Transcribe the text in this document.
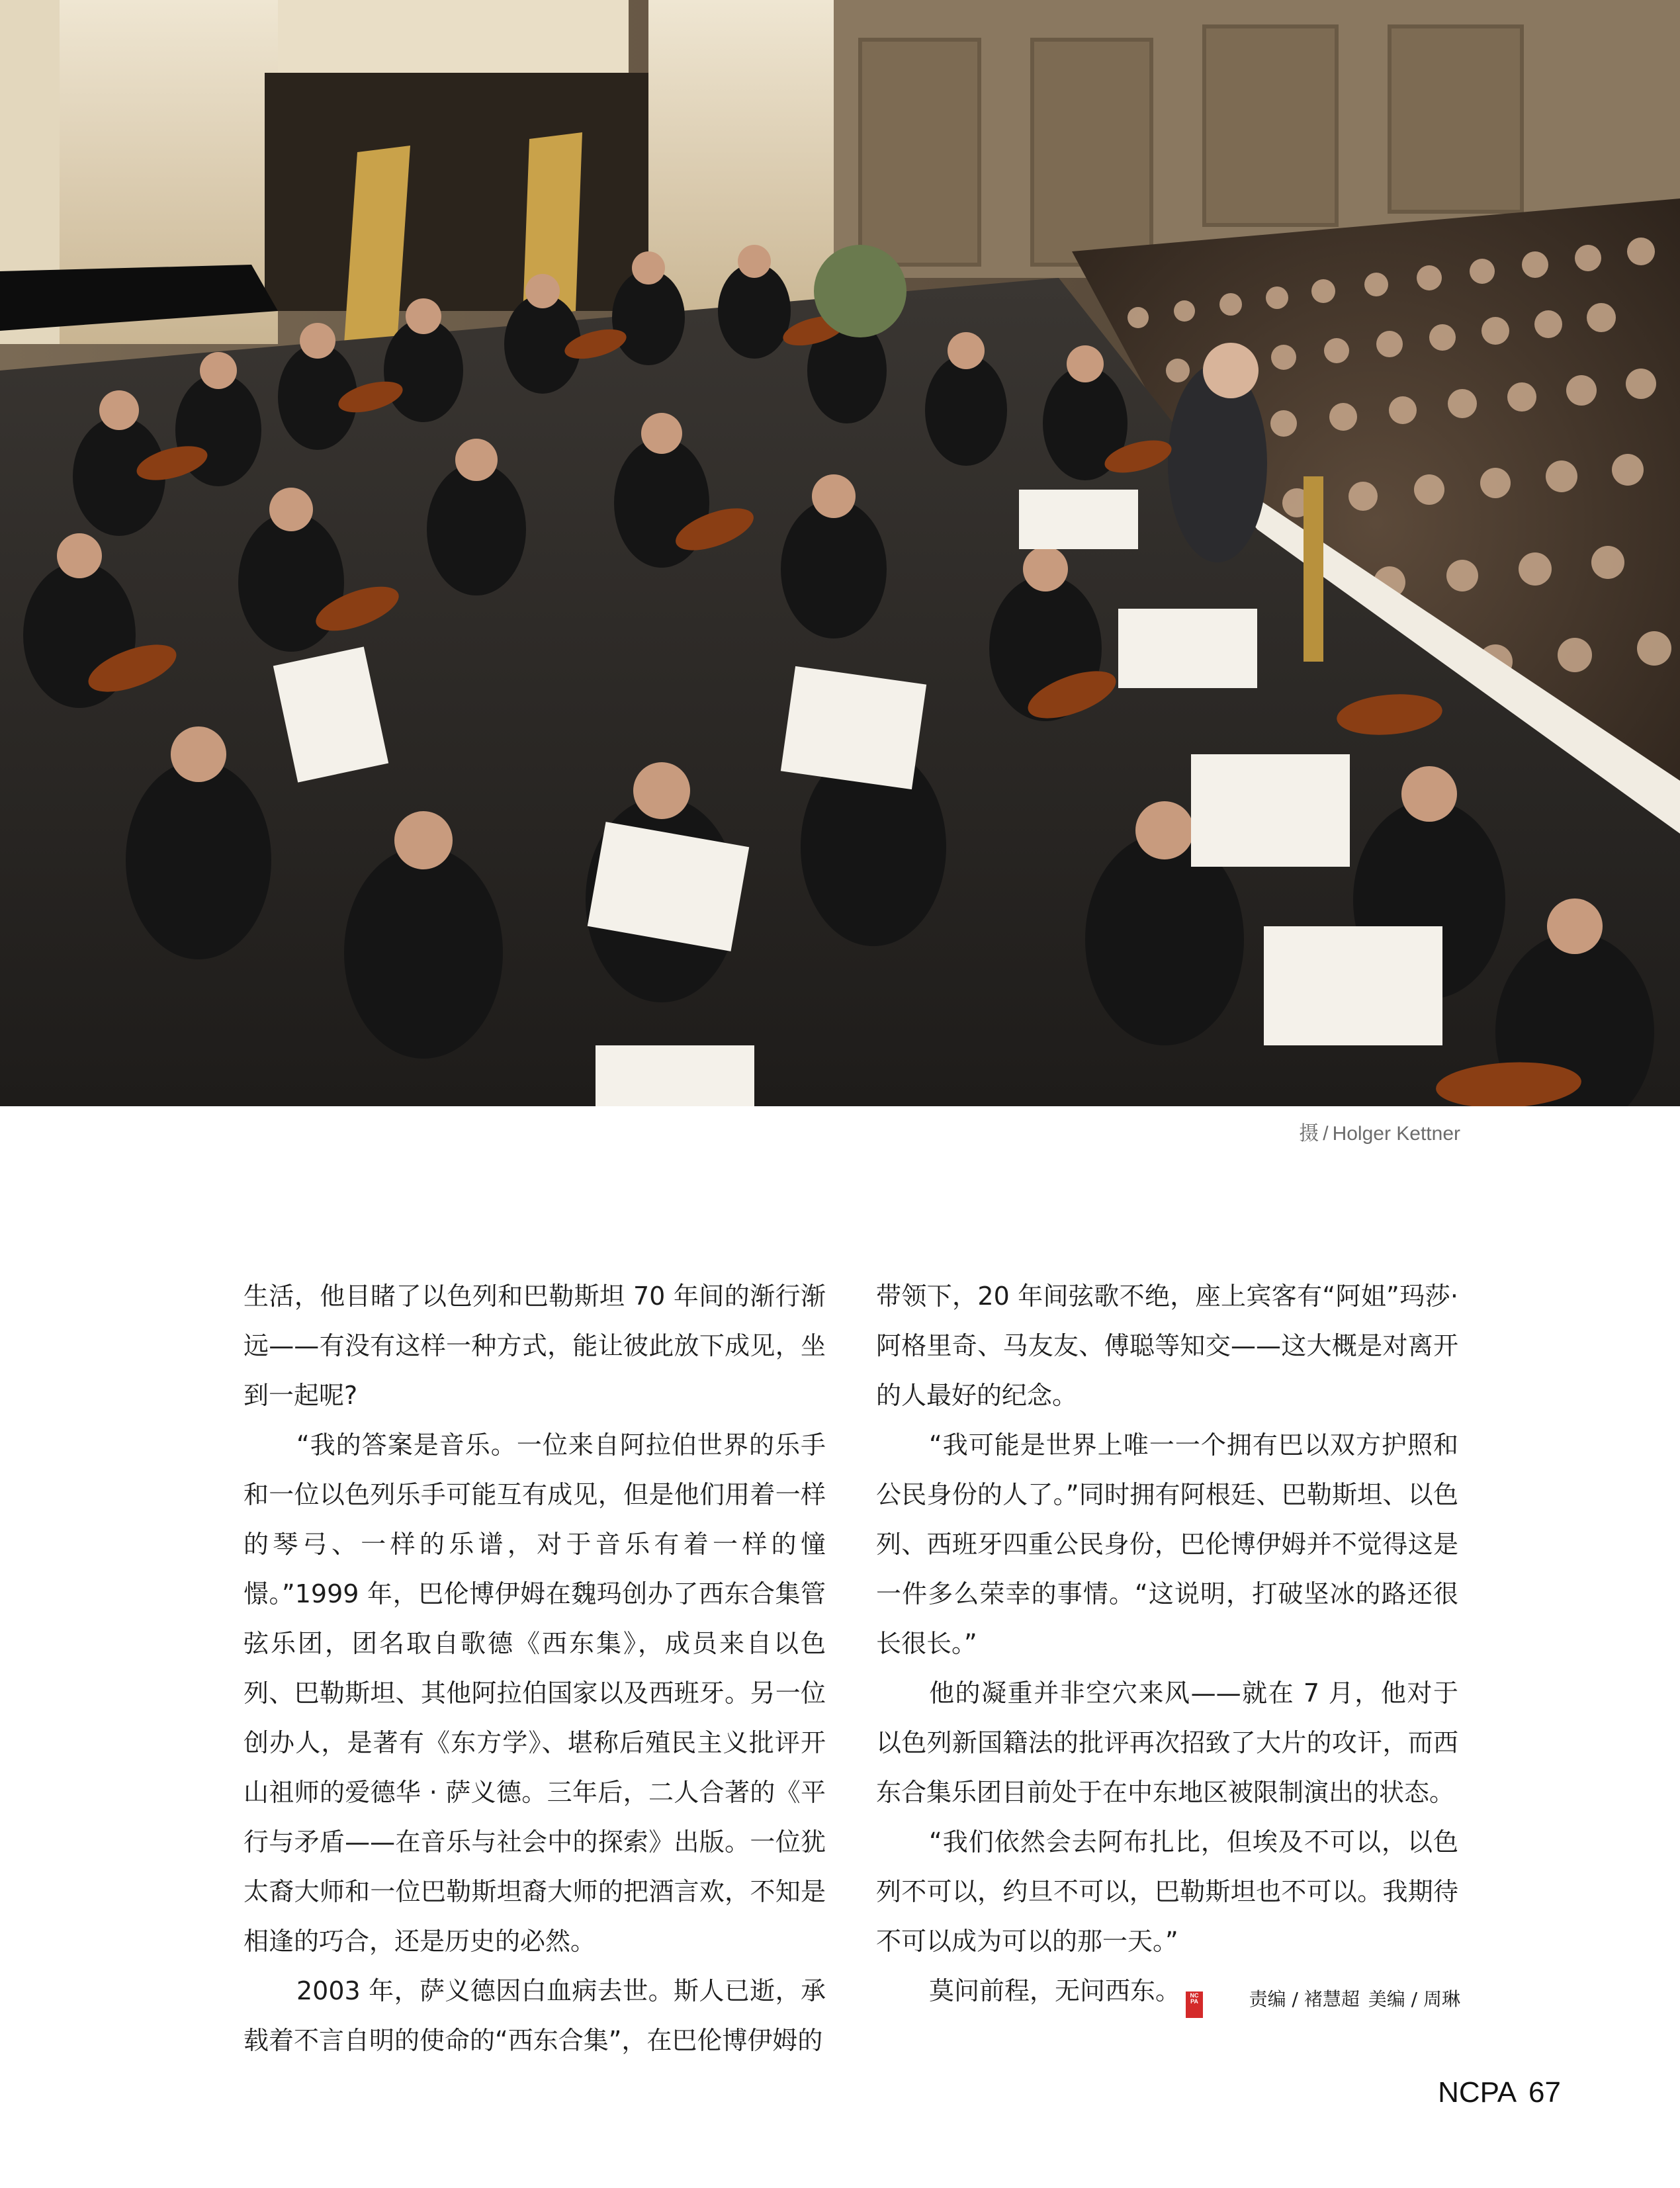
摄 / Holger Kettner

生活，他目睹了以色列和巴勒斯坦 70 年间的渐行渐远——有没有这样一种方式，能让彼此放下成见，坐到一起呢?

“我的答案是音乐。一位来自阿拉伯世界的乐手和一位以色列乐手可能互有成见，但是他们用着一样的琴弓、一样的乐谱，对于音乐有着一样的憧憬。”1999 年，巴伦博伊姆在魏玛创办了西东合集管弦乐团，团名取自歌德《西东集》，成员来自以色列、巴勒斯坦、其他阿拉伯国家以及西班牙。另一位创办人，是著有《东方学》、堪称后殖民主义批评开山祖师的爱德华 · 萨义德。三年后，二人合著的《平行与矛盾——在音乐与社会中的探索》出版。一位犹太裔大师和一位巴勒斯坦裔大师的把酒言欢，不知是相逢的巧合，还是历史的必然。

2003 年，萨义德因白血病去世。斯人已逝，承载着不言自明的使命的“西东合集”，在巴伦博伊姆的

带领下，20 年间弦歌不绝，座上宾客有“阿姐”玛莎·阿格里奇、马友友、傅聪等知交——这大概是对离开的人最好的纪念。

“我可能是世界上唯一一个拥有巴以双方护照和公民身份的人了。”同时拥有阿根廷、巴勒斯坦、以色列、西班牙四重公民身份，巴伦博伊姆并不觉得这是一件多么荣幸的事情。“这说明，打破坚冰的路还很长很长。”

他的凝重并非空穴来风——就在 7 月，他对于以色列新国籍法的批评再次招致了大片的攻讦，而西东合集乐团目前处于在中东地区被限制演出的状态。

“我们依然会去阿布扎比，但埃及不可以，以色列不可以，约旦不可以，巴勒斯坦也不可以。我期待不可以成为可以的那一天。”

莫问前程，无问西东。 NCPA	责编 / 褚慧超 美编 / 周琳
NCPA 67
